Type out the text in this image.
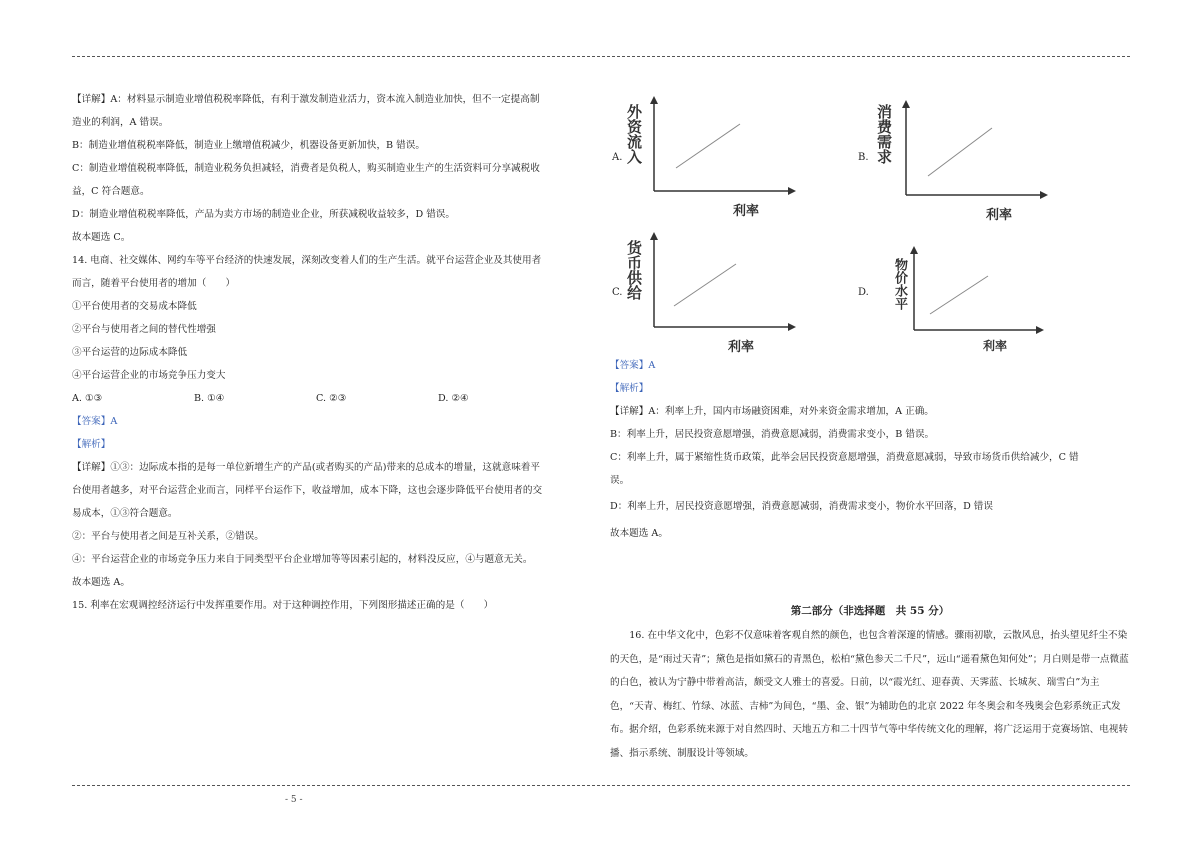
【详解】A：材料显示制造业增值税税率降低，有利于激发制造业活力，资本流入制造业加快，但不一定提高制
造业的利润，A 错误。
B：制造业增值税税率降低，制造业上缴增值税减少，机器设备更新加快，B 错误。
C：制造业增值税税率降低，制造业税务负担减轻，消费者是负税人，购买制造业生产的生活资料可分享减税收
益，C 符合题意。
D：制造业增值税税率降低，产品为卖方市场的制造业企业，所获减税收益较多，D 错误。
故本题选 C。
14. 电商、社交媒体、网约车等平台经济的快速发展，深刻改变着人们的生产生活。就平台运营企业及其使用者
而言，随着平台使用者的增加（　　）
①平台使用者的交易成本降低
②平台与使用者之间的替代性增强
③平台运营的边际成本降低
④平台运营企业的市场竞争压力变大
A. ①③	B. ①④	C. ②③	D. ②④
【答案】A
【解析】
【详解】①③：边际成本指的是每一单位新增生产的产品(或者购买的产品)带来的总成本的增量，这就意味着平
台使用者越多，对平台运营企业而言，同样平台运作下，收益增加，成本下降，这也会逐步降低平台使用者的交
易成本，①③符合题意。
②：平台与使用者之间是互补关系，②错误。
④：平台运营企业的市场竞争压力来自于同类型平台企业增加等等因素引起的，材料没反应，④与题意无关。
故本题选 A。
15. 利率在宏观调控经济运行中发挥重要作用。对于这种调控作用，下列图形描述正确的是（　　）
A. 外资流入
利率
B. 消费需求
利率
C. 货币供给
利率
D. 物价水平
利率
【答案】A
【解析】
【详解】A：利率上升，国内市场融资困难，对外来资金需求增加，A 正确。
B：利率上升，居民投资意愿增强，消费意愿减弱，消费需求变小，B 错误。
C：利率上升，属于紧缩性货币政策，此举会居民投资意愿增强，消费意愿减弱，导致市场货币供给减少，C 错
误。
D：利率上升，居民投资意愿增强，消费意愿减弱，消费需求变小，物价水平回落，D 错误
故本题选 A。
第二部分（非选择题　共 55 分）
16. 在中华文化中，色彩不仅意味着客观自然的颜色，也包含着深邃的情感。骤雨初歇，云散风息，抬头望见纤尘不染的天色，是“雨过天青”；黛色是指如黛石的青黑色，松柏“黛色参天二千尺”，远山“遥看黛色知何处”；月白则是带一点微蓝的白色，被认为宁静中带着高洁，颇受文人雅士的喜爱。日前，以“霞光红、迎春黄、天霁蓝、长城灰、瑞雪白”为主色，“天青、梅红、竹绿、冰蓝、吉柿”为间色，“墨、金、银”为辅助色的北京 2022 年冬奥会和冬残奥会色彩系统正式发布。据介绍，色彩系统来源于对自然四时、天地五方和二十四节气等中华传统文化的理解，将广泛运用于竞赛场馆、电视转播、指示系统、制服设计等领域。
- 5 -
